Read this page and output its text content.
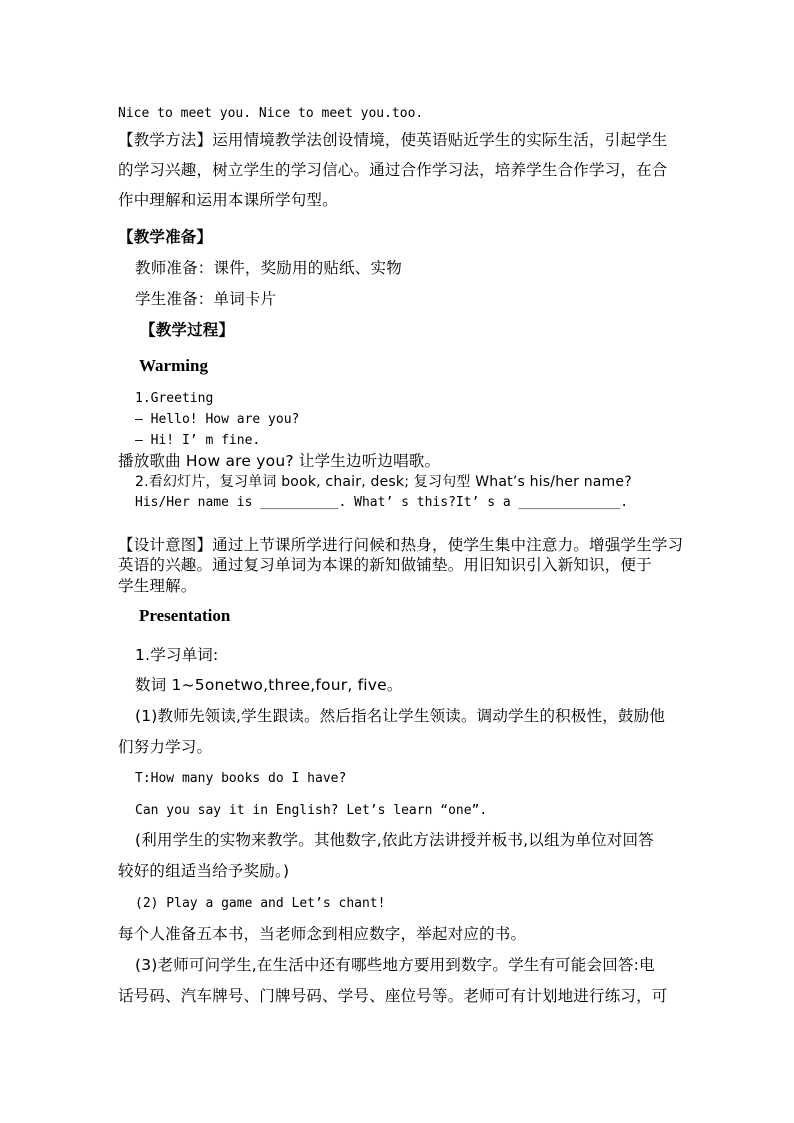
Nice to meet you. Nice to meet you.too.
【教学方法】运用情境教学法创设情境，使英语贴近学生的实际生活，引起学生
的学习兴趣，树立学生的学习信心。通过合作学习法，培养学生合作学习，在合
作中理解和运用本课所学句型。
【教学准备】
教师准备：课件，奖励用的贴纸、实物
学生准备：单词卡片
【教学过程】
Warming
1.Greeting
— Hello! How are you?
— Hi! I’ m fine.
播放歌曲 How are you? 让学生边听边唱歌。
2.看幻灯片，复习单词 book, chair, desk; 复习句型 What’s his/her name?
His/Her name is __________. What’ s this?It’ s a _____________.
【设计意图】通过上节课所学进行问候和热身，使学生集中注意力。增强学生学习
英语的兴趣。通过复习单词为本课的新知做铺垫。用旧知识引入新知识，便于
学生理解。
Presentation
1.学习单词:
数词 1~5onetwo,three,four, five。
(1)教师先领读,学生跟读。然后指名让学生领读。调动学生的积极性，鼓励他
们努力学习。
T:How many books do I have?
Can you say it in English? Let’s learn “one”.
(利用学生的实物来教学。其他数字,依此方法讲授并板书,以组为单位对回答
较好的组适当给予奖励。)
(2) Play a game and Let’s chant!
每个人准备五本书，当老师念到相应数字，举起对应的书。
(3)老师可问学生,在生活中还有哪些地方要用到数字。学生有可能会回答:电
话号码、汽车牌号、门牌号码、学号、座位号等。老师可有计划地进行练习，可
